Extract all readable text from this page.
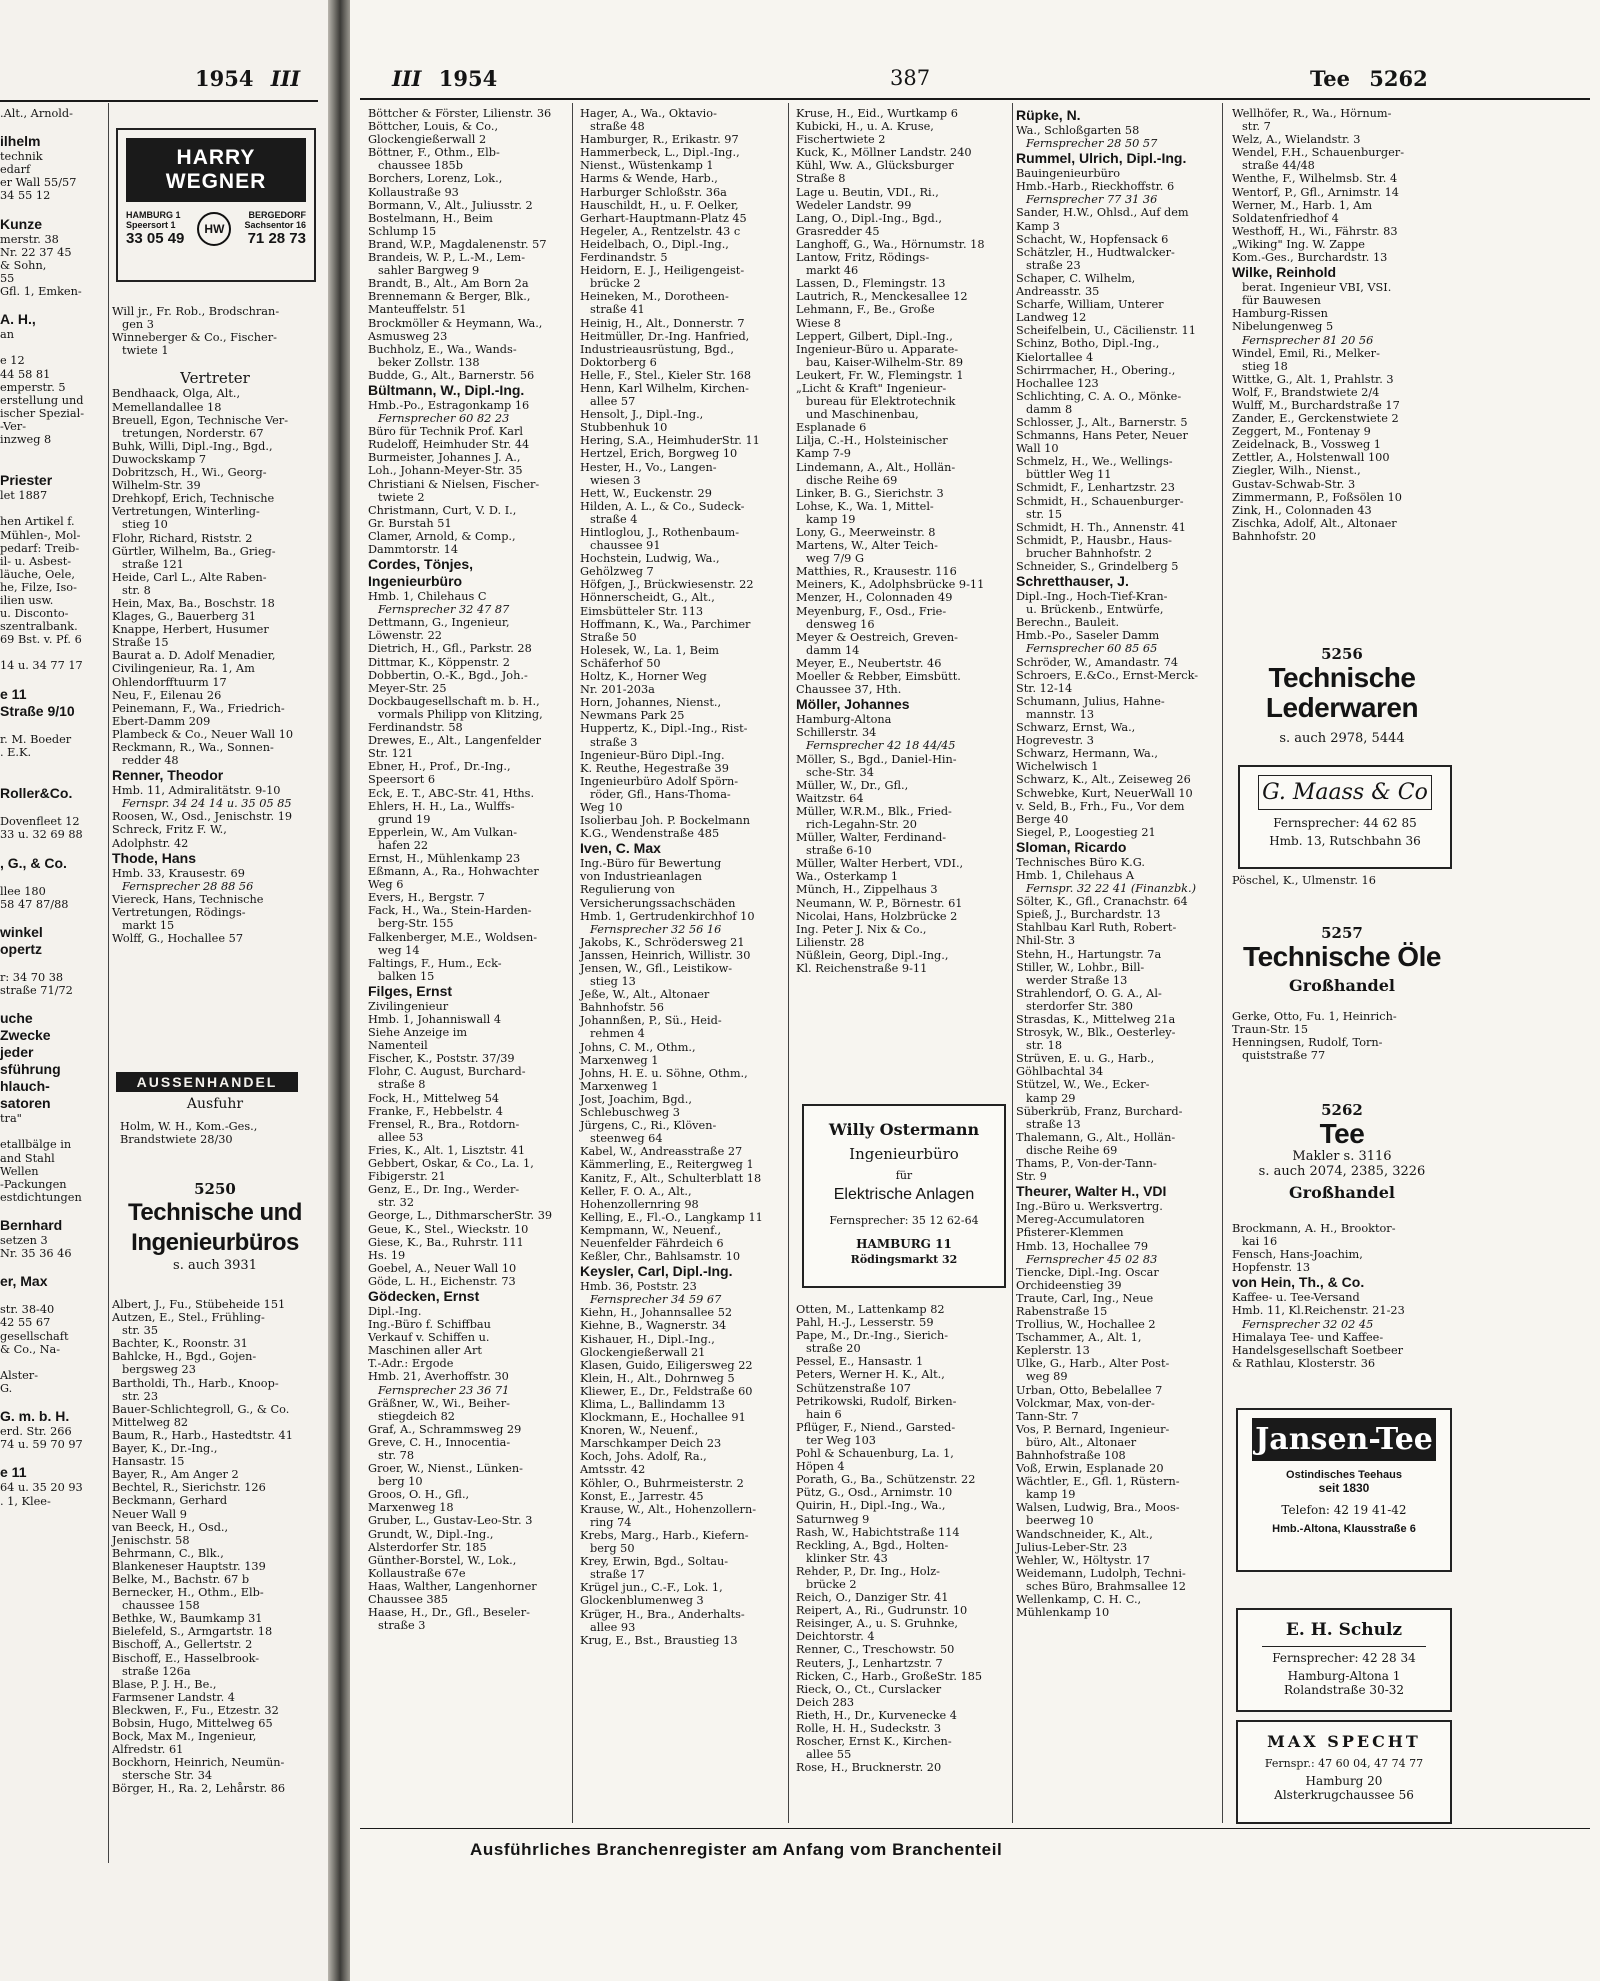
1954 III
.Alt., Arnold-

ilhelm
technik
edarf
er Wall 55/57
34 55 12

Kunze
merstr. 38
Nr. 22 37 45
& Sohn,
55
Gfl. 1, Emken-

A. H.,
an

e 12
44 58 81
emperstr. 5
erstellung und
ischer Spezial-
-Ver-
inzweg 8

Priester
let 1887

hen Artikel f.
Mühlen-, Mol-
pedarf: Treib-
il- u. Asbest-
läuche, Oele,
he, Filze, Iso-
ilien usw.
u. Disconto-
szentralbank.
69 Bst. v. Pf. 6

14 u. 34 77 17

e 11
Straße 9/10

r. M. Boeder
. E.K.

Roller&Co.

Dovenfleet 12
33 u. 32 69 88

, G., & Co.

llee 180
58 47 87/88

winkel
opertz

r: 34 70 38
straße 71/72

uche
Zwecke
jeder
sführung
hlauch-
satoren
tra"

etallbälge in
and Stahl
Wellen
-Packungen
estdichtungen

Bernhard
setzen 3
Nr. 35 36 46

er, Max

str. 38-40
42 55 67
gesellschaft
& Co., Na-

Alster-
G.

G. m. b. H.
erd. Str. 266
74 u. 59 70 97

e 11
64 u. 35 20 93
. 1, Klee-
Will jr., Fr. Rob., Brodschran-
gen 3
Winneberger & Co., Fischer-
twiete 1

Vertreter
Bendhaack, Olga, Alt.,
Memellandallee 18
Breuell, Egon, Technische Ver-
tretungen, Norderstr. 67
Buhk, Willi, Dipl.-Ing., Bgd.,
Duwockskamp 7
Dobritzsch, H., Wi., Georg-
Wilhelm-Str. 39
Drehkopf, Erich, Technische
Vertretungen, Winterling-
stieg 10
Flohr, Richard, Riststr. 2
Gürtler, Wilhelm, Ba., Grieg-
straße 121
Heide, Carl L., Alte Raben-
str. 8
Hein, Max, Ba., Boschstr. 18
Klages, G., Bauerberg 31
Knappe, Herbert, Husumer
Straße 15
Baurat a. D. Adolf Menadier,
Civilingenieur, Ra. 1, Am
Ohlendorfftuurm 17
Neu, F., Eilenau 26
Peinemann, F., Wa., Friedrich-
Ebert-Damm 209
Plambeck & Co., Neuer Wall 10
Reckmann, R., Wa., Sonnen-
redder 48
Renner, Theodor
Hmb. 11, Admiralitätstr. 9-10
Fernspr. 34 24 14 u. 35 05 85
Roosen, W., Osd., Jenischstr. 19
Schreck, Fritz F. W.,
Adolphstr. 42
Thode, Hans
Hmb. 33, Krausestr. 69
Fernsprecher 28 88 56
Viereck, Hans, Technische
Vertretungen, Rödings-
markt 15
Wolff, G., Hochallee 57
HARRY WEGNER
HAMBURG 1
Speersort 1
33 05 49
HW
BERGEDORF
Sachsentor 16
71 28 73
AUSSENHANDEL
Ausfuhr
Holm, W. H., Kom.-Ges.,
Brandstwiete 28/30
5250
Technische und
Ingenieurbüros
s. auch 3931
Albert, J., Fu., Stübeheide 151
Autzen, E., Stel., Frühling-
str. 35
Bachter, K., Roonstr. 31
Bahlcke, H., Bgd., Gojen-
bergsweg 23
Bartholdi, Th., Harb., Knoop-
str. 23
Bauer-Schlichtegroll, G., & Co.
Mittelweg 82
Baum, R., Harb., Hastedtstr. 41
Bayer, K., Dr.-Ing.,
Hansastr. 15
Bayer, R., Am Anger 2
Bechtel, R., Sierichstr. 126
Beckmann, Gerhard
Neuer Wall 9
van Beeck, H., Osd.,
Jenischstr. 58
Behrmann, C., Blk.,
Blankeneser Hauptstr. 139
Belke, M., Bachstr. 67 b
Bernecker, H., Othm., Elb-
chaussee 158
Bethke, W., Baumkamp 31
Bielefeld, S., Armgartstr. 18
Bischoff, A., Gellertstr. 2
Bischoff, E., Hasselbrook-
straße 126a
Blase, P. J. H., Be.,
Farmsener Landstr. 4
Bleckwen, F., Fu., Etzestr. 32
Bobsin, Hugo, Mittelweg 65
Bock, Max M., Ingenieur,
Alfredstr. 61
Bockhorn, Heinrich, Neumün-
stersche Str. 34
Börger, H., Ra. 2, Lehårstr. 86
III 1954	387	Tee 5262
Böttcher & Förster, Lilienstr. 36
Böttcher, Louis, & Co.,
Glockengießerwall 2
Böttner, F., Othm., Elb-
chaussee 185b
Borchers, Lorenz, Lok.,
Kollaustraße 93
Bormann, V., Alt., Juliusstr. 2
Bostelmann, H., Beim
Schlump 15
Brand, W.P., Magdalenenstr. 57
Brandeis, W. P., L.-M., Lem-
sahler Bargweg 9
Brandt, B., Alt., Am Born 2a
Brennemann & Berger, Blk.,
Manteuffelstr. 51
Brockmöller & Heymann, Wa.,
Asmusweg 23
Buchholz, E., Wa., Wands-
beker Zollstr. 138
Budde, G., Alt., Barnerstr. 56
Bültmann, W., Dipl.-Ing.
Hmb.-Po., Estragonkamp 16
Fernsprecher 60 82 23
Büro für Technik Prof. Karl
Rudeloff, Heimhuder Str. 44
Burmeister, Johannes J. A.,
Loh., Johann-Meyer-Str. 35
Christiani & Nielsen, Fischer-
twiete 2
Christmann, Curt, V. D. I.,
Gr. Burstah 51
Clamer, Arnold, & Comp.,
Dammtorstr. 14
Cordes, Tönjes,
Ingenieurbüro
Hmb. 1, Chilehaus C
Fernsprecher 32 47 87
Dettmann, G., Ingenieur,
Löwenstr. 22
Dietrich, H., Gfl., Parkstr. 28
Dittmar, K., Köppenstr. 2
Dobbertin, O.-K., Bgd., Joh.-
Meyer-Str. 25
Dockbaugesellschaft m. b. H.,
vormals Philipp von Klitzing,
Ferdinandstr. 58
Drewes, E., Alt., Langenfelder
Str. 121
Ebner, H., Prof., Dr.-Ing.,
Speersort 6
Eck, E. T., ABC-Str. 41, Hths.
Ehlers, H. H., La., Wulffs-
grund 19
Epperlein, W., Am Vulkan-
hafen 22
Ernst, H., Mühlenkamp 23
Eßmann, A., Ra., Hohwachter
Weg 6
Evers, H., Bergstr. 7
Fack, H., Wa., Stein-Harden-
berg-Str. 155
Falkenberger, M.E., Woldsen-
weg 14
Faltings, F., Hum., Eck-
balken 15
Filges, Ernst
Zivilingenieur
Hmb. 1, Johanniswall 4
Siehe Anzeige im
Namenteil
Fischer, K., Poststr. 37/39
Flohr, C. August, Burchard-
straße 8
Fock, H., Mittelweg 54
Franke, F., Hebbelstr. 4
Frensel, R., Bra., Rotdorn-
allee 53
Fries, K., Alt. 1, Lisztstr. 41
Gebbert, Oskar, & Co., La. 1,
Fibigerstr. 21
Genz, E., Dr. Ing., Werder-
str. 32
George, L., DithmarscherStr. 39
Geue, K., Stel., Wieckstr. 10
Giese, K., Ba., Ruhrstr. 111
Hs. 19
Goebel, A., Neuer Wall 10
Göde, L. H., Eichenstr. 73
Gödecken, Ernst
Dipl.-Ing.
Ing.-Büro f. Schiffbau
Verkauf v. Schiffen u.
Maschinen aller Art
T.-Adr.: Ergode
Hmb. 21, Averhoffstr. 30
Fernsprecher 23 36 71
Gräßner, W., Wi., Beiher-
stiegdeich 82
Graf, A., Schrammsweg 29
Greve, C. H., Innocentia-
str. 78
Groer, W., Nienst., Lünken-
berg 10
Groos, O. H., Gfl.,
Marxenweg 18
Gruber, L., Gustav-Leo-Str. 3
Grundt, W., Dipl.-Ing.,
Alsterdorfer Str. 185
Günther-Borstel, W., Lok.,
Kollaustraße 67e
Haas, Walther, Langenhorner
Chaussee 385
Haase, H., Dr., Gfl., Beseler-
straße 3
Hager, A., Wa., Oktavio-
straße 48
Hamburger, R., Erikastr. 97
Hammerbeck, L., Dipl.-Ing.,
Nienst., Wüstenkamp 1
Harms & Wende, Harb.,
Harburger Schloßstr. 36a
Hauschildt, H., u. F. Oelker,
Gerhart-Hauptmann-Platz 45
Hegeler, A., Rentzelstr. 43 c
Heidelbach, O., Dipl.-Ing.,
Ferdinandstr. 5
Heidorn, E. J., Heiligengeist-
brücke 2
Heineken, M., Dorotheen-
straße 41
Heinig, H., Alt., Donnerstr. 7
Heitmüller, Dr.-Ing. Hanfried,
Industrieausrüstung, Bgd.,
Doktorberg 6
Helle, F., Stel., Kieler Str. 168
Henn, Karl Wilhelm, Kirchen-
allee 57
Hensolt, J., Dipl.-Ing.,
Stubbenhuk 10
Hering, S.A., HeimhuderStr. 11
Hertzel, Erich, Borgweg 10
Hester, H., Vo., Langen-
wiesen 3
Hett, W., Euckenstr. 29
Hilden, A. L., & Co., Sudeck-
straße 4
Hintloglou, J., Rothenbaum-
chaussee 91
Hochstein, Ludwig, Wa.,
Gehölzweg 7
Höfgen, J., Brückwiesenstr. 22
Hönnerscheidt, G., Alt.,
Eimsbütteler Str. 113
Hoffmann, K., Wa., Parchimer
Straße 50
Holesek, W., La. 1, Beim
Schäferhof 50
Holtz, K., Horner Weg
Nr. 201-203a
Horn, Johannes, Nienst.,
Newmans Park 25
Huppertz, K., Dipl.-Ing., Rist-
straße 3
Ingenieur-Büro Dipl.-Ing.
K. Reuthe, Hegestraße 39
Ingenieurbüro Adolf Spörn-
röder, Gfl., Hans-Thoma-
Weg 10
Isolierbau Joh. P. Bockelmann
K.G., Wendenstraße 485
Iven, C. Max
Ing.-Büro für Bewertung
von Industrieanlagen
Regulierung von
Versicherungssachschäden
Hmb. 1, Gertrudenkirchhof 10
Fernsprecher 32 56 16
Jakobs, K., Schrödersweg 21
Janssen, Heinrich, Willistr. 30
Jensen, W., Gfl., Leistikow-
stieg 13
Jeße, W., Alt., Altonaer
Bahnhofstr. 56
Johannßen, P., Sü., Heid-
rehmen 4
Johns, C. M., Othm.,
Marxenweg 1
Johns, H. E. u. Söhne, Othm.,
Marxenweg 1
Jost, Joachim, Bgd.,
Schlebuschweg 3
Jürgens, C., Ri., Klöven-
steenweg 64
Kabel, W., Andreasstraße 27
Kämmerling, E., Reitergweg 1
Kanitz, F., Alt., Schulterblatt 18
Keller, F. O. A., Alt.,
Hohenzollernring 98
Kelling, E., Fl.-O., Langkamp 11
Kempmann, W., Neuenf.,
Neuenfelder Fährdeich 6
Keßler, Chr., Bahlsamstr. 10
Keysler, Carl, Dipl.-Ing.
Hmb. 36, Poststr. 23
Fernsprecher 34 59 67
Kiehn, H., Johannsallee 52
Kiehne, B., Wagnerstr. 34
Kishauer, H., Dipl.-Ing.,
Glockengießerwall 21
Klasen, Guido, Eiligersweg 22
Klein, H., Alt., Dohrnweg 5
Kliewer, E., Dr., Feldstraße 60
Klima, L., Ballindamm 13
Klockmann, E., Hochallee 91
Knoren, W., Neuenf.,
Marschkamper Deich 23
Koch, Johs. Adolf, Ra.,
Amtsstr. 42
Köhler, O., Buhrmeisterstr. 2
Konst, E., Jarrestr. 45
Krause, W., Alt., Hohenzollern-
ring 74
Krebs, Marg., Harb., Kiefern-
berg 50
Krey, Erwin, Bgd., Soltau-
straße 17
Krügel jun., C.-F., Lok. 1,
Glockenblumenweg 3
Krüger, H., Bra., Anderhalts-
allee 93
Krug, E., Bst., Braustieg 13
Kruse, H., Eid., Wurtkamp 6
Kubicki, H., u. A. Kruse,
Fischertwiete 2
Kuck, K., Möllner Landstr. 240
Kühl, Ww. A., Glücksburger
Straße 8
Lage u. Beutin, VDI., Ri.,
Wedeler Landstr. 99
Lang, O., Dipl.-Ing., Bgd.,
Grasredder 45
Langhoff, G., Wa., Hörnumstr. 18
Lantow, Fritz, Rödings-
markt 46
Lassen, D., Flemingstr. 13
Lautrich, R., Menckesallee 12
Lehmann, F., Be., Große
Wiese 8
Leppert, Gilbert, Dipl.-Ing.,
Ingenieur-Büro u. Apparate-
bau, Kaiser-Wilhelm-Str. 89
Leukert, Fr. W., Flemingstr. 1
„Licht & Kraft" Ingenieur-
bureau für Elektrotechnik
und Maschinenbau,
Esplanade 6
Lilja, C.-H., Holsteinischer
Kamp 7-9
Lindemann, A., Alt., Hollän-
dische Reihe 69
Linker, B. G., Sierichstr. 3
Lohse, K., Wa. 1, Mittel-
kamp 19
Lony, G., Meerweinstr. 8
Martens, W., Alter Teich-
weg 7/9 G
Matthies, R., Krausestr. 116
Meiners, K., Adolphsbrücke 9-11
Menzer, H., Colonnaden 49
Meyenburg, F., Osd., Frie-
densweg 16
Meyer & Oestreich, Greven-
damm 14
Meyer, E., Neubertstr. 46
Moeller & Rebber, Eimsbütt.
Chaussee 37, Hth.
Möller, Johannes
Hamburg-Altona
Schillerstr. 34
Fernsprecher 42 18 44/45
Möller, S., Bgd., Daniel-Hin-
sche-Str. 34
Müller, W., Dr., Gfl.,
Waitzstr. 64
Müller, W.R.M., Blk., Fried-
rich-Legahn-Str. 20
Müller, Walter, Ferdinand-
straße 6-10
Müller, Walter Herbert, VDI.,
Wa., Osterkamp 1
Münch, H., Zippelhaus 3
Neumann, W. P., Börnestr. 61
Nicolai, Hans, Holzbrücke 2
Ing. Peter J. Nix & Co.,
Lilienstr. 28
Nüßlein, Georg, Dipl.-Ing.,
Kl. Reichenstraße 9-11
Willy Ostermann
Ingenieurbüro
für
Elektrische Anlagen
Fernsprecher: 35 12 62-64
HAMBURG 11
Rödingsmarkt 32
Otten, M., Lattenkamp 82
Pahl, H.-J., Lesserstr. 59
Pape, M., Dr.-Ing., Sierich-
straße 20
Pessel, E., Hansastr. 1
Peters, Werner H. K., Alt.,
Schützenstraße 107
Petrikowski, Rudolf, Birken-
hain 6
Pflüger, F., Niend., Garsted-
ter Weg 103
Pohl & Schauenburg, La. 1,
Höpen 4
Porath, G., Ba., Schützenstr. 22
Pütz, G., Osd., Arnimstr. 10
Quirin, H., Dipl.-Ing., Wa.,
Saturnweg 9
Rash, W., Habichtstraße 114
Reckling, A., Bgd., Holten-
klinker Str. 43
Rehder, P., Dr. Ing., Holz-
brücke 2
Reich, O., Danziger Str. 41
Reipert, A., Ri., Gudrunstr. 10
Reisinger, A., u. S. Gruhnke,
Deichtorstr. 4
Renner, C., Treschowstr. 50
Reuters, J., Lenhartzstr. 7
Ricken, C., Harb., GroßeStr. 185
Rieck, O., Ct., Curslacker
Deich 283
Rieth, H., Dr., Kurvenecke 4
Rolle, H. H., Sudeckstr. 3
Roscher, Ernst K., Kirchen-
allee 55
Rose, H., Brucknerstr. 20
Rüpke, N.
Wa., Schloßgarten 58
Fernsprecher 28 50 57
Rummel, Ulrich, Dipl.-Ing.
Bauingenieurbüro
Hmb.-Harb., Rieckhoffstr. 6
Fernsprecher 77 31 36
Sander, H.W., Ohlsd., Auf dem
Kamp 3
Schacht, W., Hopfensack 6
Schätzler, H., Hudtwalcker-
straße 23
Schaper, C. Wilhelm,
Andreasstr. 35
Scharfe, William, Unterer
Landweg 12
Scheifelbein, U., Cäcilienstr. 11
Schinz, Botho, Dipl.-Ing.,
Kielortallee 4
Schirrmacher, H., Obering.,
Hochallee 123
Schlichting, C. A. O., Mönke-
damm 8
Schlosser, J., Alt., Barnerstr. 5
Schmanns, Hans Peter, Neuer
Wall 10
Schmelz, H., We., Wellings-
büttler Weg 11
Schmidt, F., Lenhartzstr. 23
Schmidt, H., Schauenburger-
str. 15
Schmidt, H. Th., Annenstr. 41
Schmidt, P., Hausbr., Haus-
brucher Bahnhofstr. 2
Schneider, S., Grindelberg 5
Schretthauser, J.
Dipl.-Ing., Hoch-Tief-Kran-
u. Brückenb., Entwürfe,
Berechn., Bauleit.
Hmb.-Po., Saseler Damm
Fernsprecher 60 85 65
Schröder, W., Amandastr. 74
Schroers, E.&Co., Ernst-Merck-
Str. 12-14
Schumann, Julius, Hahne-
mannstr. 13
Schwarz, Ernst, Wa.,
Hogrevestr. 3
Schwarz, Hermann, Wa.,
Wichelwisch 1
Schwarz, K., Alt., Zeiseweg 26
Schwebke, Kurt, NeuerWall 10
v. Seld, B., Frh., Fu., Vor dem
Berge 40
Siegel, P., Loogestieg 21
Sloman, Ricardo
Technisches Büro K.G.
Hmb. 1, Chilehaus A
Fernspr. 32 22 41 (Finanzbk.)
Sölter, K., Gfl., Cranachstr. 64
Spieß, J., Burchardstr. 13
Stahlbau Karl Ruth, Robert-
Nhil-Str. 3
Stehn, H., Hartungstr. 7a
Stiller, W., Lohbr., Bill-
werder Straße 13
Strahlendorf, O. G. A., Al-
sterdorfer Str. 380
Strasdas, K., Mittelweg 21a
Strosyk, W., Blk., Oesterley-
str. 18
Strüven, E. u. G., Harb.,
Göhlbachtal 34
Stützel, W., We., Ecker-
kamp 29
Süberkrüb, Franz, Burchard-
straße 13
Thalemann, G., Alt., Hollän-
dische Reihe 69
Thams, P., Von-der-Tann-
Str. 9
Theurer, Walter H., VDI
Ing.-Büro u. Werksvertrg.
Mereg-Accumulatoren
Pfisterer-Klemmen
Hmb. 13, Hochallee 79
Fernsprecher 45 02 83
Tiencke, Dipl.-Ing. Oscar
Orchideenstieg 39
Traute, Carl, Ing., Neue
Rabenstraße 15
Trollius, W., Hochallee 2
Tschammer, A., Alt. 1,
Keplerstr. 13
Ulke, G., Harb., Alter Post-
weg 89
Urban, Otto, Bebelallee 7
Volckmar, Max, von-der-
Tann-Str. 7
Vos, P. Bernard, Ingenieur-
büro, Alt., Altonaer
Bahnhofstraße 108
Voß, Erwin, Esplanade 20
Wächtler, E., Gfl. 1, Rüstern-
kamp 19
Walsen, Ludwig, Bra., Moos-
beerweg 10
Wandschneider, K., Alt.,
Julius-Leber-Str. 23
Wehler, W., Höltystr. 17
Weidemann, Ludolph, Techni-
sches Büro, Brahmsallee 12
Wellenkamp, C. H. C.,
Mühlenkamp 10
Wellhöfer, R., Wa., Hörnum-
str. 7
Welz, A., Wielandstr. 3
Wendel, F.H., Schauenburger-
straße 44/48
Wenthe, F., Wilhelmsb. Str. 4
Wentorf, P., Gfl., Arnimstr. 14
Werner, M., Harb. 1, Am
Soldatenfriedhof 4
Westhoff, H., Wi., Fährstr. 83
„Wiking" Ing. W. Zappe
Kom.-Ges., Burchardstr. 13
Wilke, Reinhold
berat. Ingenieur VBI, VSI.
für Bauwesen
Hamburg-Rissen
Nibelungenweg 5
Fernsprecher 81 20 56
Windel, Emil, Ri., Melker-
stieg 18
Wittke, G., Alt. 1, Prahlstr. 3
Wolf, F., Brandstwiete 2/4
Wulff, M., Burchardstraße 17
Zander, E., Gerckenstwiete 2
Zeggert, M., Fontenay 9
Zeidelnack, B., Vossweg 1
Zettler, A., Holstenwall 100
Ziegler, Wilh., Nienst.,
Gustav-Schwab-Str. 3
Zimmermann, P., Foßsölen 10
Zink, H., Colonnaden 43
Zischka, Adolf, Alt., Altonaer
Bahnhofstr. 20
5256
Technische
Lederwaren
s. auch 2978, 5444
G. Maass & Co
Fernsprecher: 44 62 85
Hmb. 13, Rutschbahn 36
Pöschel, K., Ulmenstr. 16
5257
Technische Öle
Großhandel
Gerke, Otto, Fu. 1, Heinrich-
Traun-Str. 15
Henningsen, Rudolf, Torn-
quiststraße 77
5262
Tee
Makler s. 3116
s. auch 2074, 2385, 3226
Großhandel
Brockmann, A. H., Brooktor-
kai 16
Fensch, Hans-Joachim,
Hopfenstr. 13
von Hein, Th., & Co.
Kaffee- u. Tee-Versand
Hmb. 11, Kl.Reichenstr. 21-23
Fernsprecher 32 02 45
Himalaya Tee- und Kaffee-
Handelsgesellschaft Soetbeer
& Rathlau, Klosterstr. 36
Jansen-Tee
Ostindisches Teehaus
seit 1830
Telefon: 42 19 41-42
Hmb.-Altona, Klausstraße 6
E. H. Schulz
Fernsprecher: 42 28 34
Hamburg-Altona 1
Rolandstraße 30-32
MAX SPECHT
Fernspr.: 47 60 04, 47 74 77
Hamburg 20
Alsterkrugchaussee 56
Ausführliches Branchenregister am Anfang vom Branchenteil
